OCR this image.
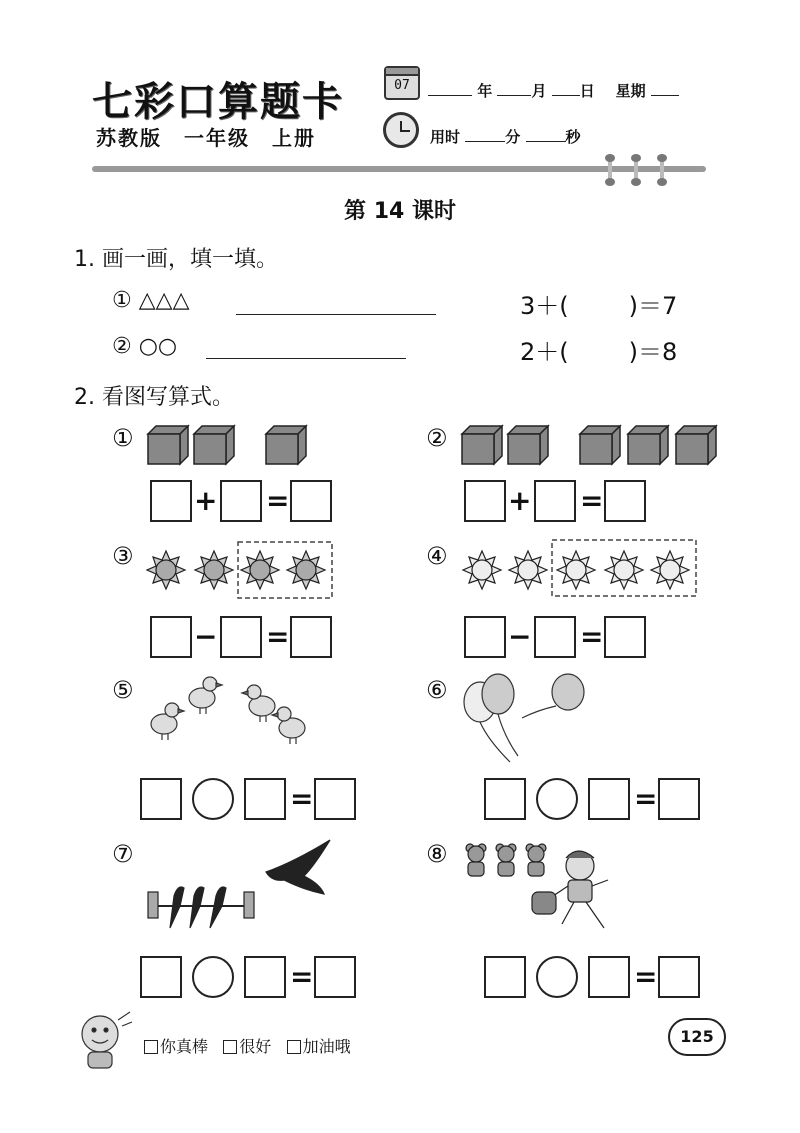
七彩口算题卡
苏教版　一年级　上册
07	年	月 日 星期
用时	分	秒
第 14 课时
1. 画一画，填一填。
① △△△	3＋(	)＝7
② ○○	2＋(	)＝8
2. 看图写算式。
①
+ =
②
+ =
③
− =
④
− =
⑤
=
⑥
=
⑦
=
⑧
=
你真棒 很好 加油哦
125
